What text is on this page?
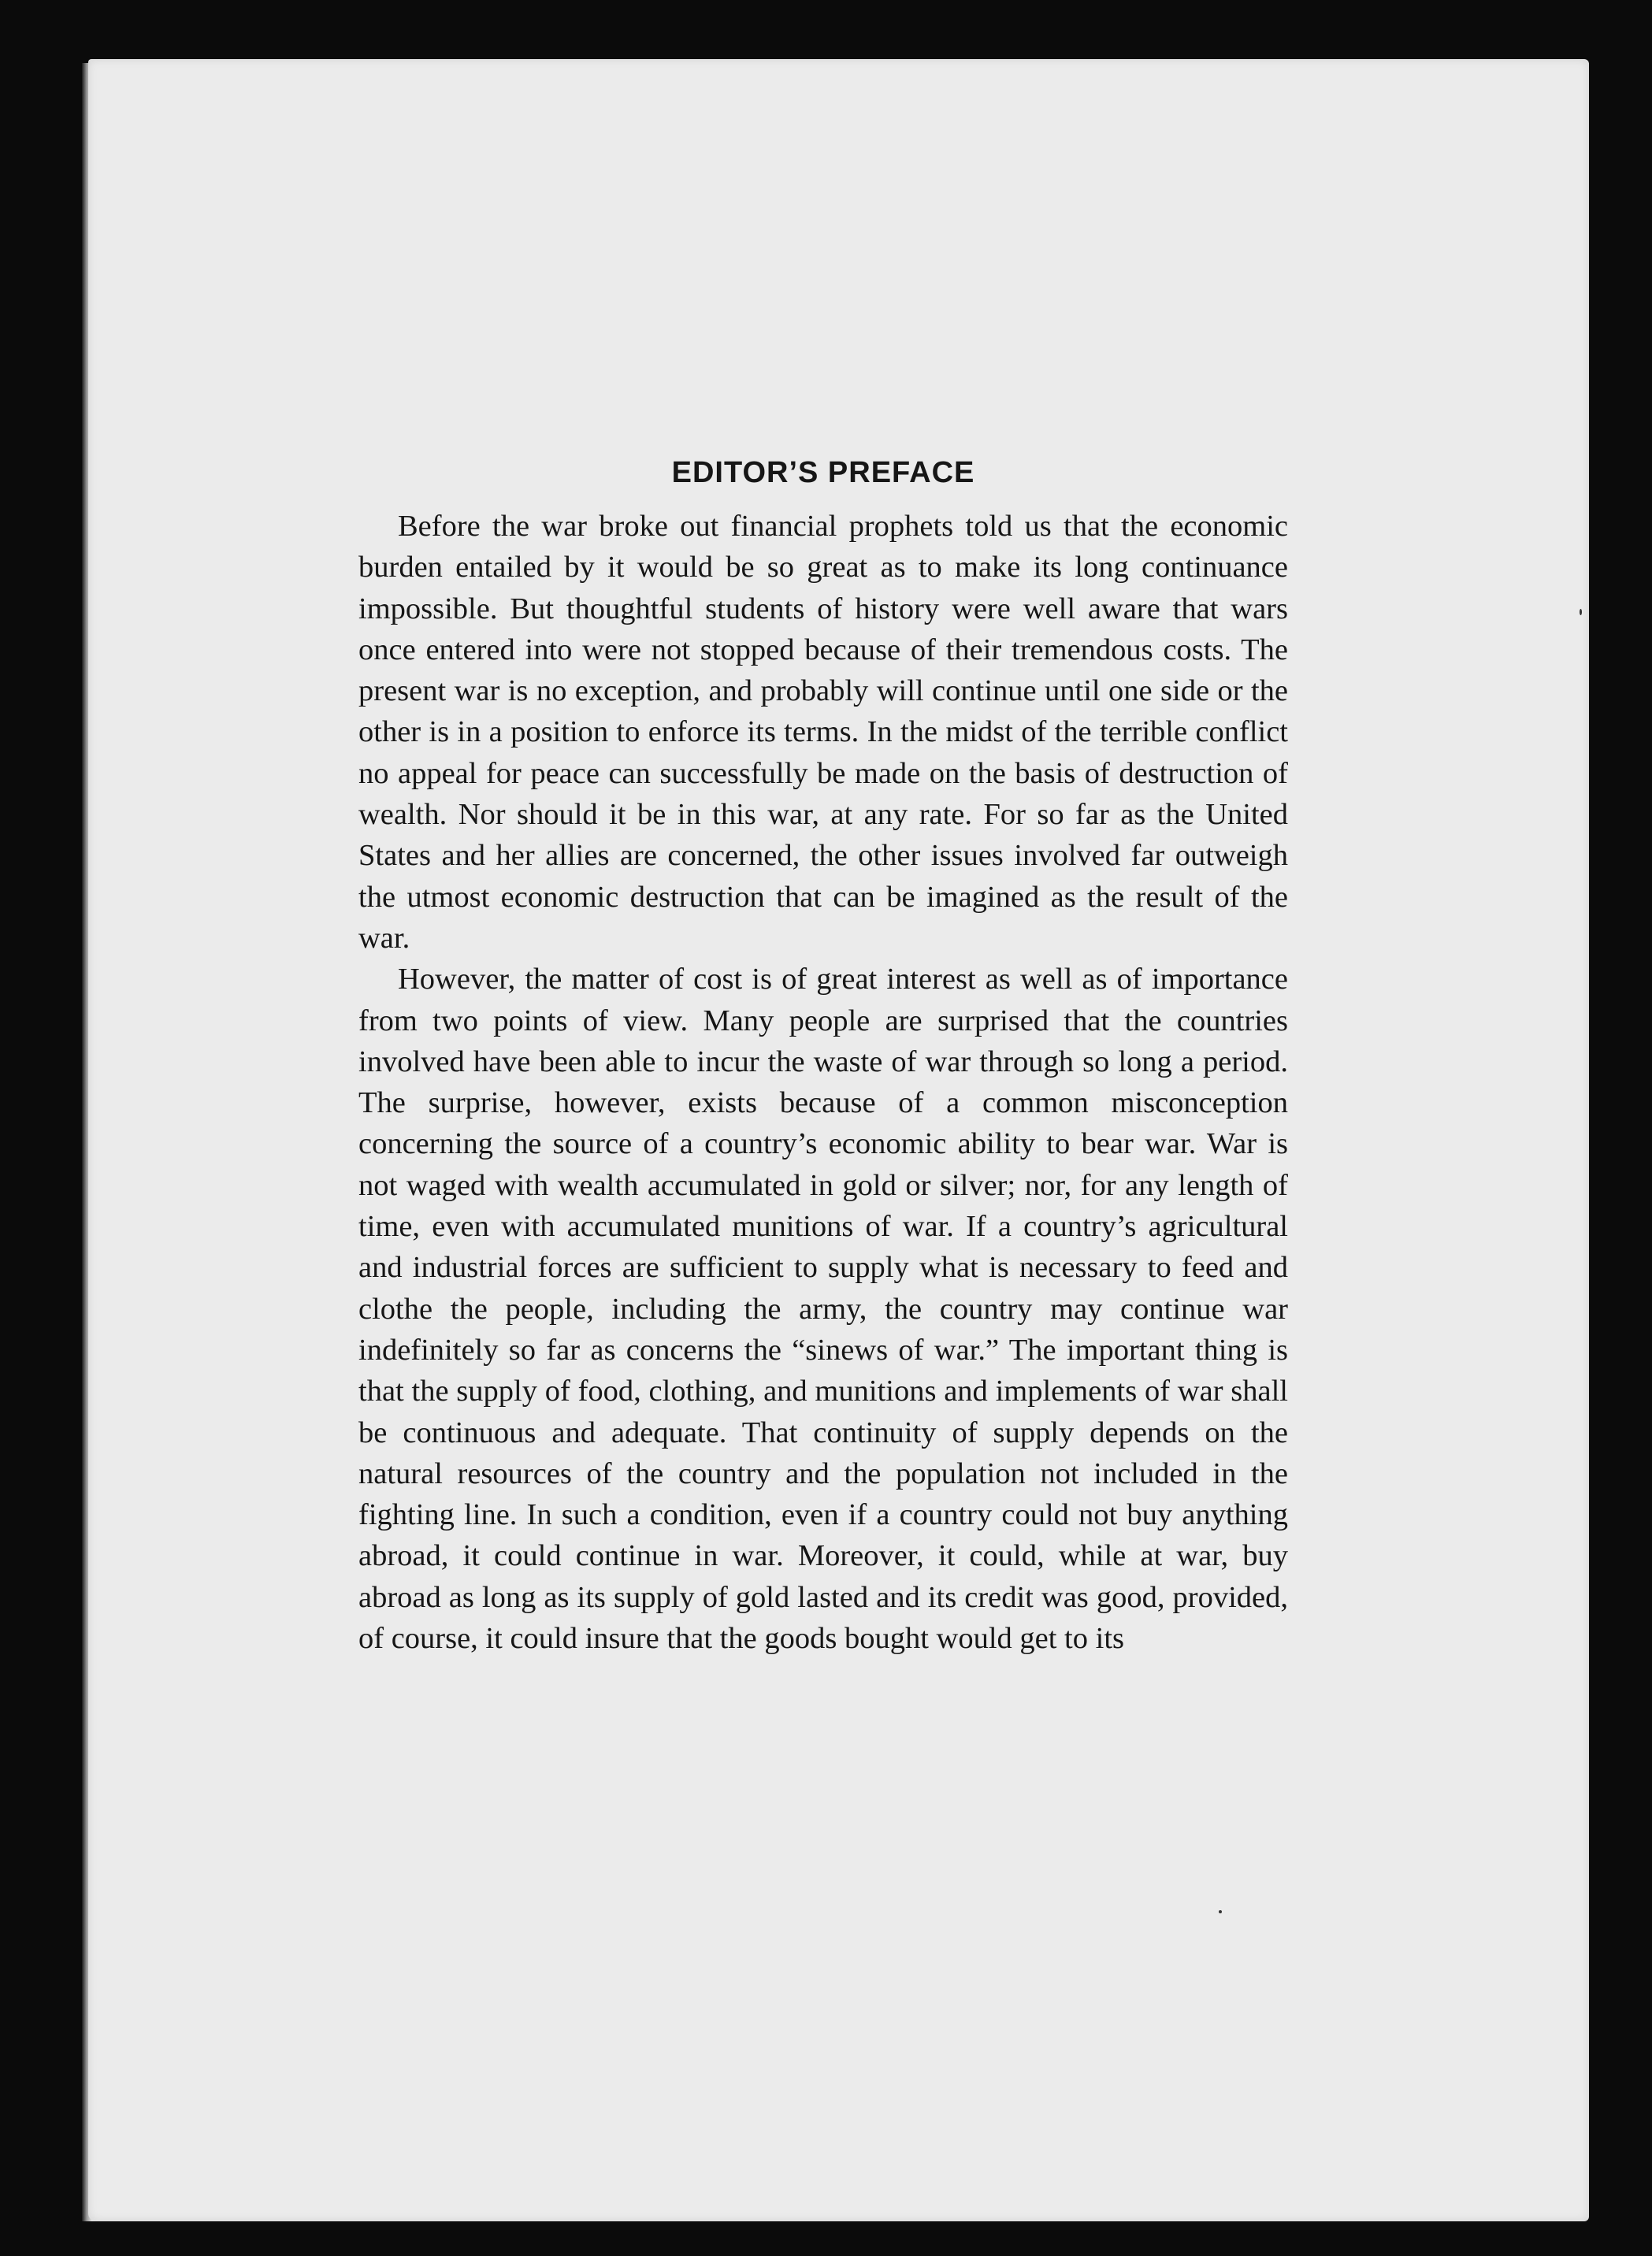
EDITOR’S PREFACE

Before the war broke out financial prophets told us that the economic burden entailed by it would be so great as to make its long continuance impossible. But thoughtful students of history were well aware that wars once entered into were not stopped because of their tremendous costs. The present war is no exception, and probably will continue until one side or the other is in a position to enforce its terms. In the midst of the terrible conflict no appeal for peace can successfully be made on the basis of destruction of wealth. Nor should it be in this war, at any rate. For so far as the United States and her allies are concerned, the other issues involved far outweigh the utmost economic destruction that can be imagined as the result of the war.

However, the matter of cost is of great interest as well as of importance from two points of view. Many people are surprised that the countries involved have been able to incur the waste of war through so long a period. The surprise, however, exists because of a common misconception concerning the source of a country’s economic ability to bear war. War is not waged with wealth accumulated in gold or silver; nor, for any length of time, even with accumulated munitions of war. If a country’s agricultural and industrial forces are sufficient to supply what is necessary to feed and clothe the people, including the army, the country may continue war indefinitely so far as concerns the “sinews of war.” The important thing is that the supply of food, clothing, and munitions and implements of war shall be continuous and adequate. That continuity of supply depends on the natural resources of the country and the population not included in the fighting line. In such a condition, even if a country could not buy anything abroad, it could continue in war. Moreover, it could, while at war, buy abroad as long as its supply of gold lasted and its credit was good, provided, of course, it could insure that the goods bought would get to its
